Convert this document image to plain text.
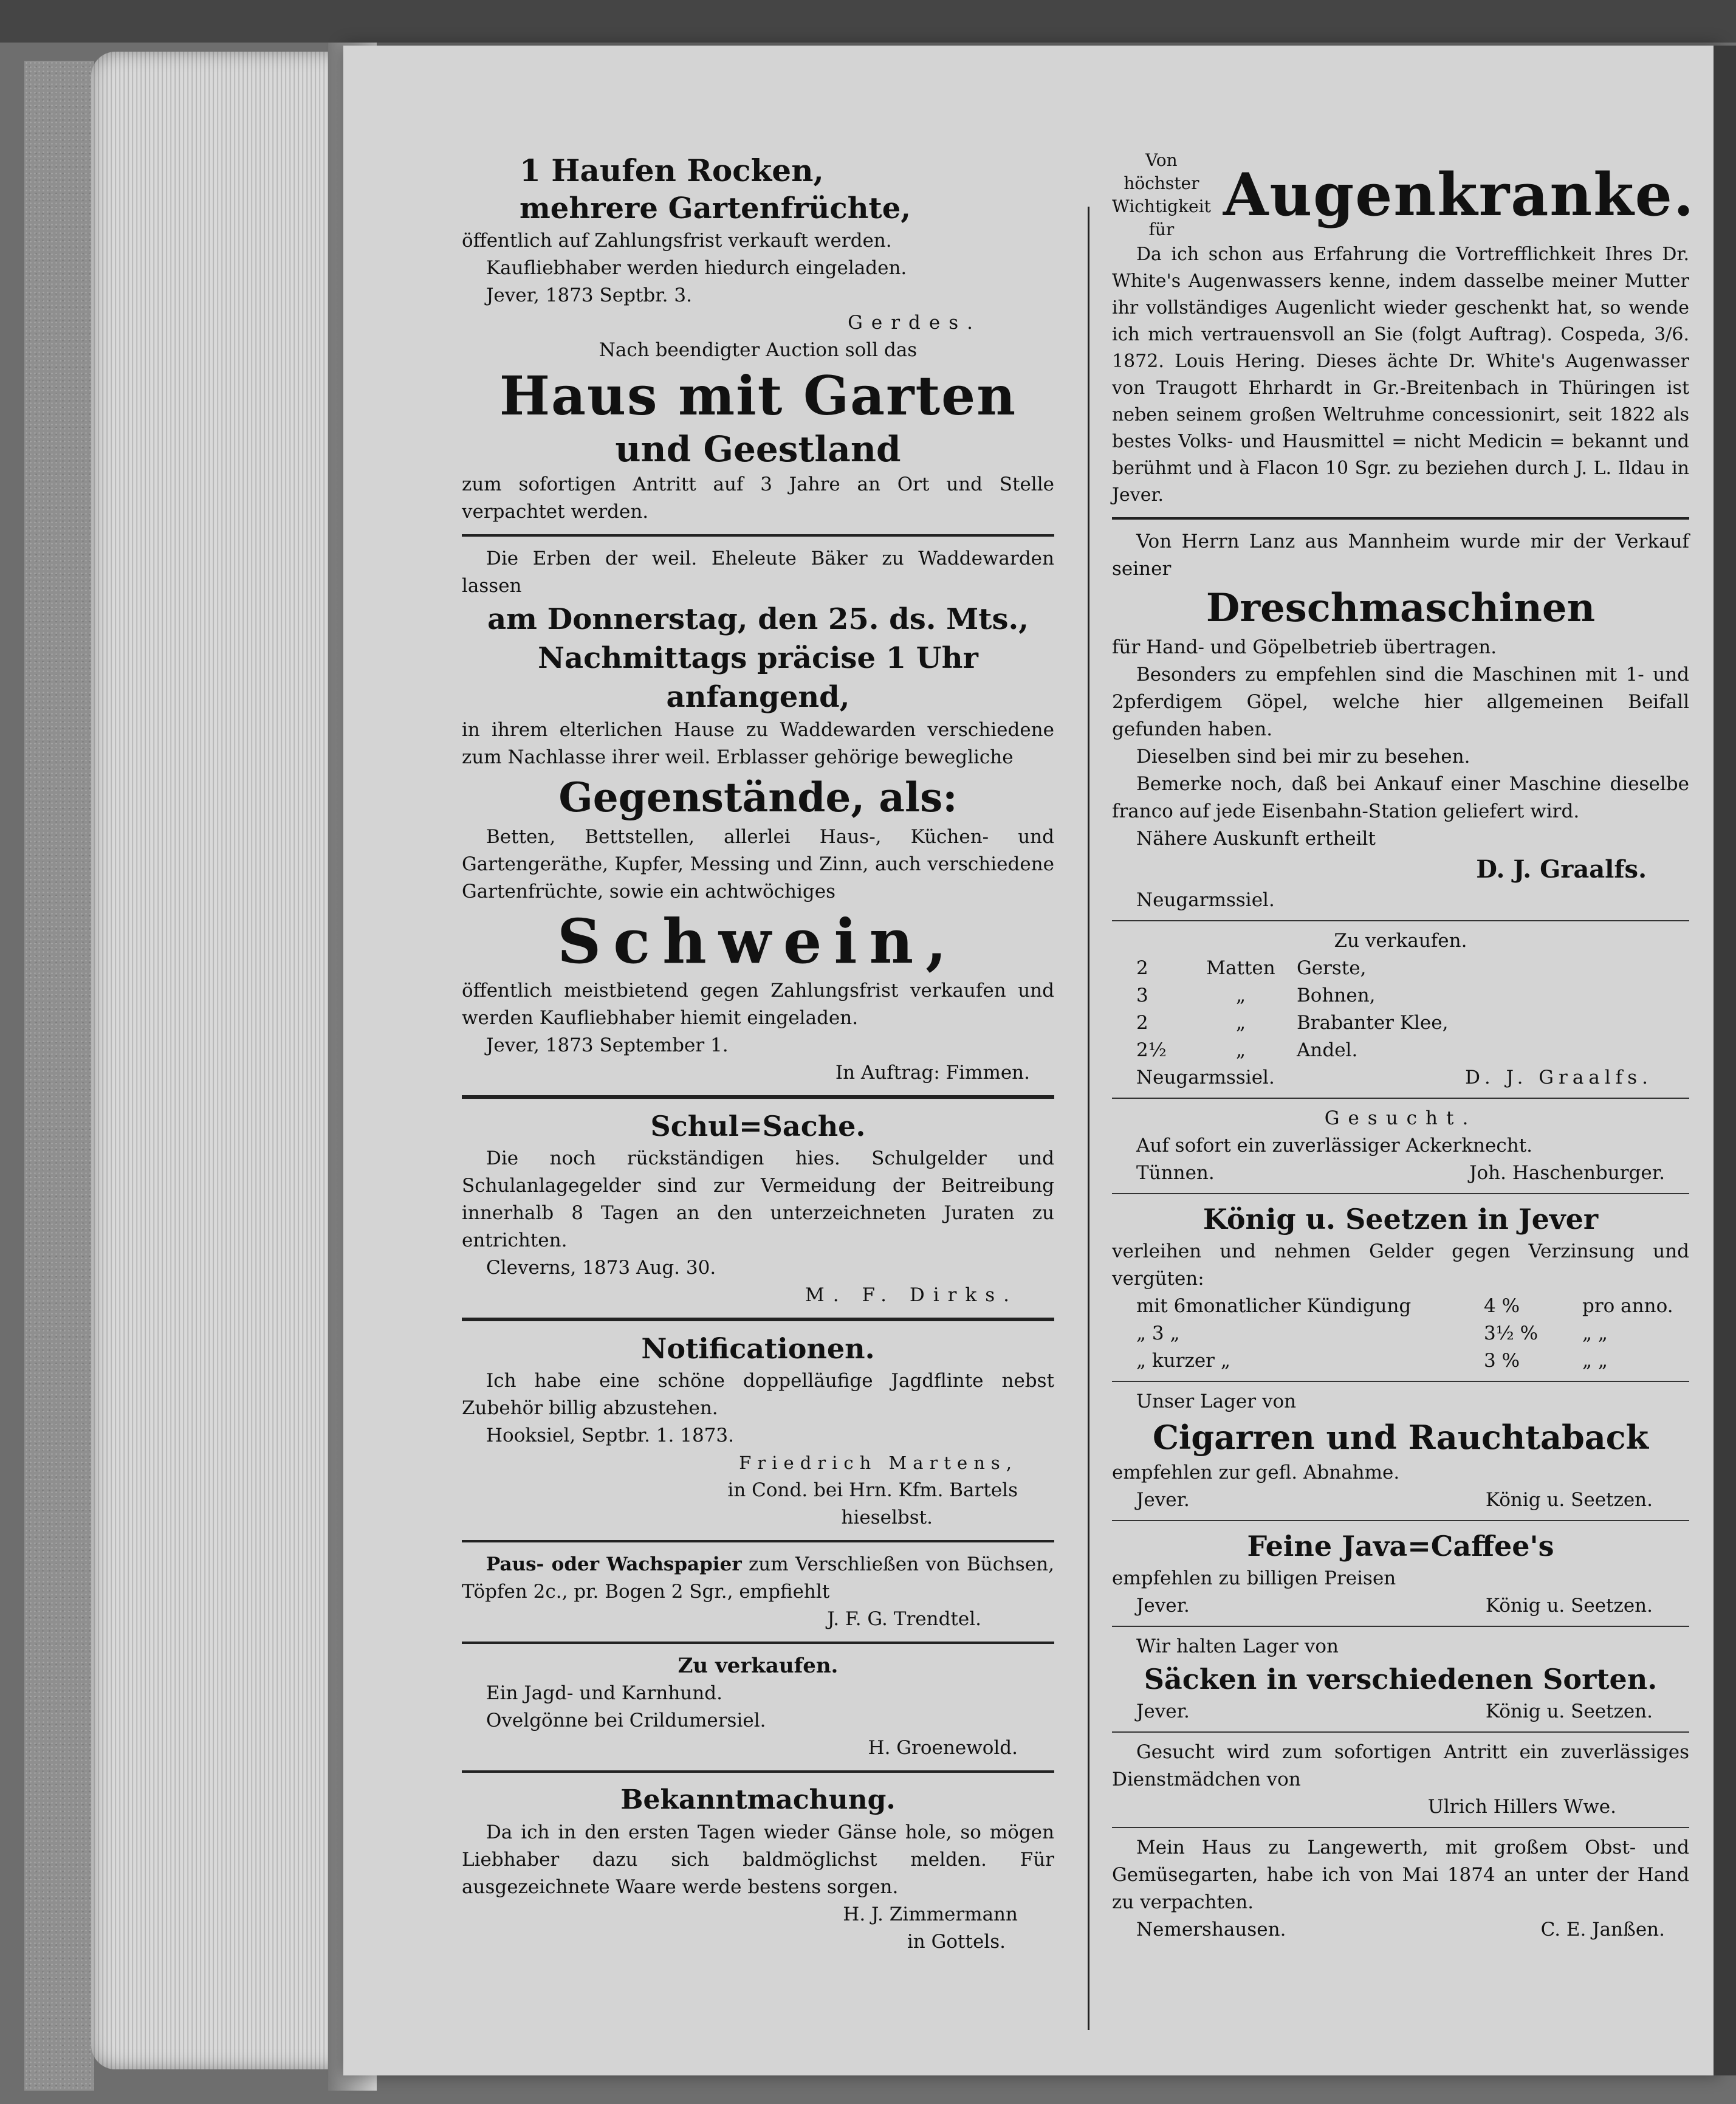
1 Haufen Rocken,

mehrere Gartenfrüchte,

öffentlich auf Zahlungsfrist verkauft werden.

Kaufliebhaber werden hiedurch eingeladen.

Jever, 1873 Septbr. 3.

Gerdes.

Nach beendigter Auction soll das

Haus mit Garten

und Geestland

zum sofortigen Antritt auf 3 Jahre an Ort und Stelle verpachtet werden.

Die Erben der weil. Eheleute Bäker zu Waddewarden lassen

am Donnerstag, den 25. ds. Mts.,

Nachmittags präcise 1 Uhr

anfangend,

in ihrem elterlichen Hause zu Waddewarden verschiedene zum Nachlasse ihrer weil. Erblasser gehörige bewegliche

Gegenstände, als:

Betten, Bettstellen, allerlei Haus-, Küchen- und Gartengeräthe, Kupfer, Messing und Zinn, auch verschiedene Gartenfrüchte, sowie ein achtwöchiges

Schwein,

öffentlich meistbietend gegen Zahlungsfrist verkaufen und werden Kaufliebhaber hiemit eingeladen.

Jever, 1873 September 1.

In Auftrag: Fimmen.

Schul=Sache.

Die noch rückständigen hies. Schulgelder und Schulanlagegelder sind zur Vermeidung der Beitreibung innerhalb 8 Tagen an den unterzeichneten Juraten zu entrichten.

Cleverns, 1873 Aug. 30.

M. F. Dirks.

Notificationen.

Ich habe eine schöne doppelläufige Jagdflinte nebst Zubehör billig abzustehen.

Hooksiel, Septbr. 1. 1873.

Friedrich Martens,

in Cond. bei Hrn. Kfm. Bartels

hieselbst.

Paus- oder Wachspapier zum Verschließen von Büchsen, Töpfen 2c., pr. Bogen 2 Sgr., empfiehlt

J. F. G. Trendtel.

Zu verkaufen.

Ein Jagd- und Karnhund.

Ovelgönne bei Crildumersiel.

H. Groenewold.

Bekanntmachung.

Da ich in den ersten Tagen wieder Gänse hole, so mögen Liebhaber dazu sich baldmöglichst melden. Für ausgezeichnete Waare werde bestens sorgen.

H. J. Zimmermann

in Gottels.

Von höchster

Wichtigkeit

für

Augenkranke.

Da ich schon aus Erfahrung die Vortrefflichkeit Ihres Dr. White's Augenwassers kenne, indem dasselbe meiner Mutter ihr vollständiges Augenlicht wieder geschenkt hat, so wende ich mich vertrauensvoll an Sie (folgt Auftrag). Cospeda, 3/6. 1872. Louis Hering. Dieses ächte Dr. White's Augenwasser von Traugott Ehrhardt in Gr.-Breitenbach in Thüringen ist neben seinem großen Weltruhme concessionirt, seit 1822 als bestes Volks- und Hausmittel = nicht Medicin = bekannt und berühmt und à Flacon 10 Sgr. zu beziehen durch J. L. Ildau in Jever.

Von Herrn Lanz aus Mannheim wurde mir der Verkauf seiner

Dreschmaschinen

für Hand- und Göpelbetrieb übertragen.

Besonders zu empfehlen sind die Maschinen mit 1- und 2pferdigem Göpel, welche hier allgemeinen Beifall gefunden haben.

Dieselben sind bei mir zu besehen.

Bemerke noch, daß bei Ankauf einer Maschine dieselbe franco auf jede Eisenbahn-Station geliefert wird.

Nähere Auskunft ertheilt

D. J. Graalfs.

Neugarmssiel.

Zu verkaufen.

2	Matten	Gerste,
3	„	Bohnen,
2	„	Brabanter Klee,
2½	„	Andel.
Neugarmssiel.	D. J. Graalfs.

Gesucht.

Auf sofort ein zuverlässiger Ackerknecht.

Tünnen.	Joh. Haschenburger.

König u. Seetzen in Jever

verleihen und nehmen Gelder gegen Verzinsung und vergüten:

mit 6monatlicher Kündigung	4 %	pro anno.
„ 3 „	3½ %	„ „
„ kurzer „	3 %	„ „

Unser Lager von

Cigarren und Rauchtaback

empfehlen zur gefl. Abnahme.

Jever.	König u. Seetzen.

Feine Java=Caffee's

empfehlen zu billigen Preisen

Jever.	König u. Seetzen.

Wir halten Lager von

Säcken in verschiedenen Sorten.

Jever.	König u. Seetzen.

Gesucht wird zum sofortigen Antritt ein zuverlässiges Dienstmädchen von

Ulrich Hillers Wwe.

Mein Haus zu Langewerth, mit großem Obst- und Gemüsegarten, habe ich von Mai 1874 an unter der Hand zu verpachten.

Nemershausen.	C. E. Janßen.
